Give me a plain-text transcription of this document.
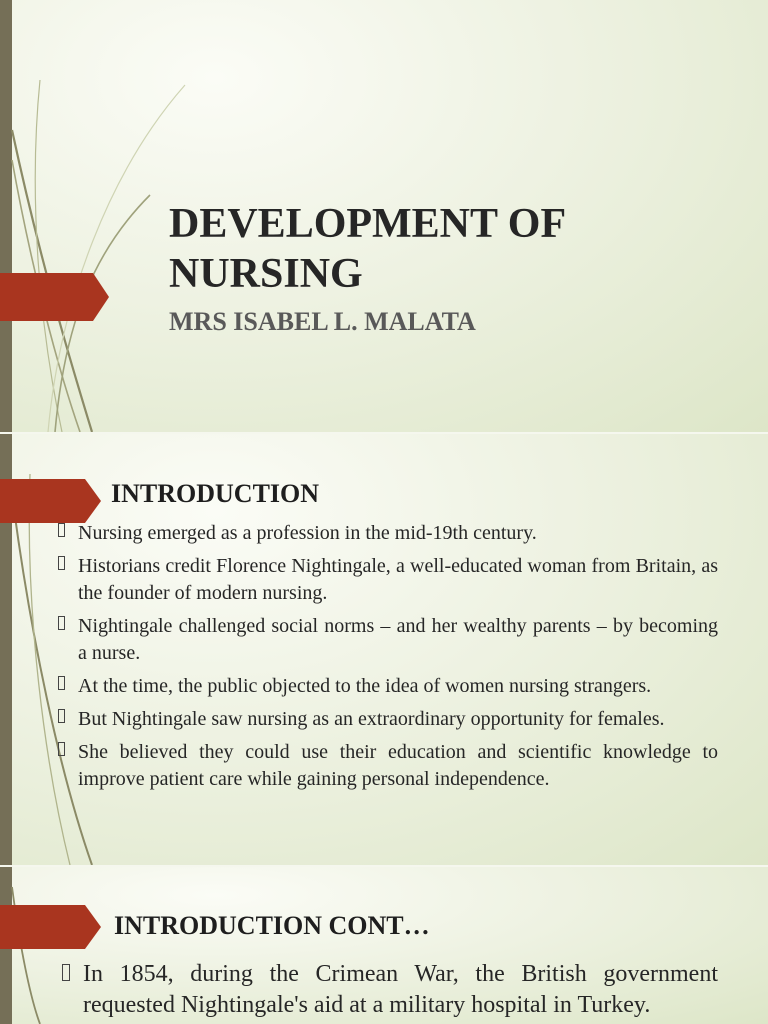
DEVELOPMENT OF NURSING
MRS ISABEL L. MALATA
INTRODUCTION
Nursing emerged as a profession in the mid-19th century.
Historians credit Florence Nightingale, a well-educated woman from Britain, as the founder of modern nursing.
Nightingale challenged social norms – and her wealthy parents – by becoming a nurse.
At the time, the public objected to the idea of women nursing strangers.
But Nightingale saw nursing as an extraordinary opportunity for females.
She believed they could use their education and scientific knowledge to improve patient care while gaining personal independence.
INTRODUCTION CONT…
In 1854, during the Crimean War, the British government requested Nightingale's aid at a military hospital in Turkey.
